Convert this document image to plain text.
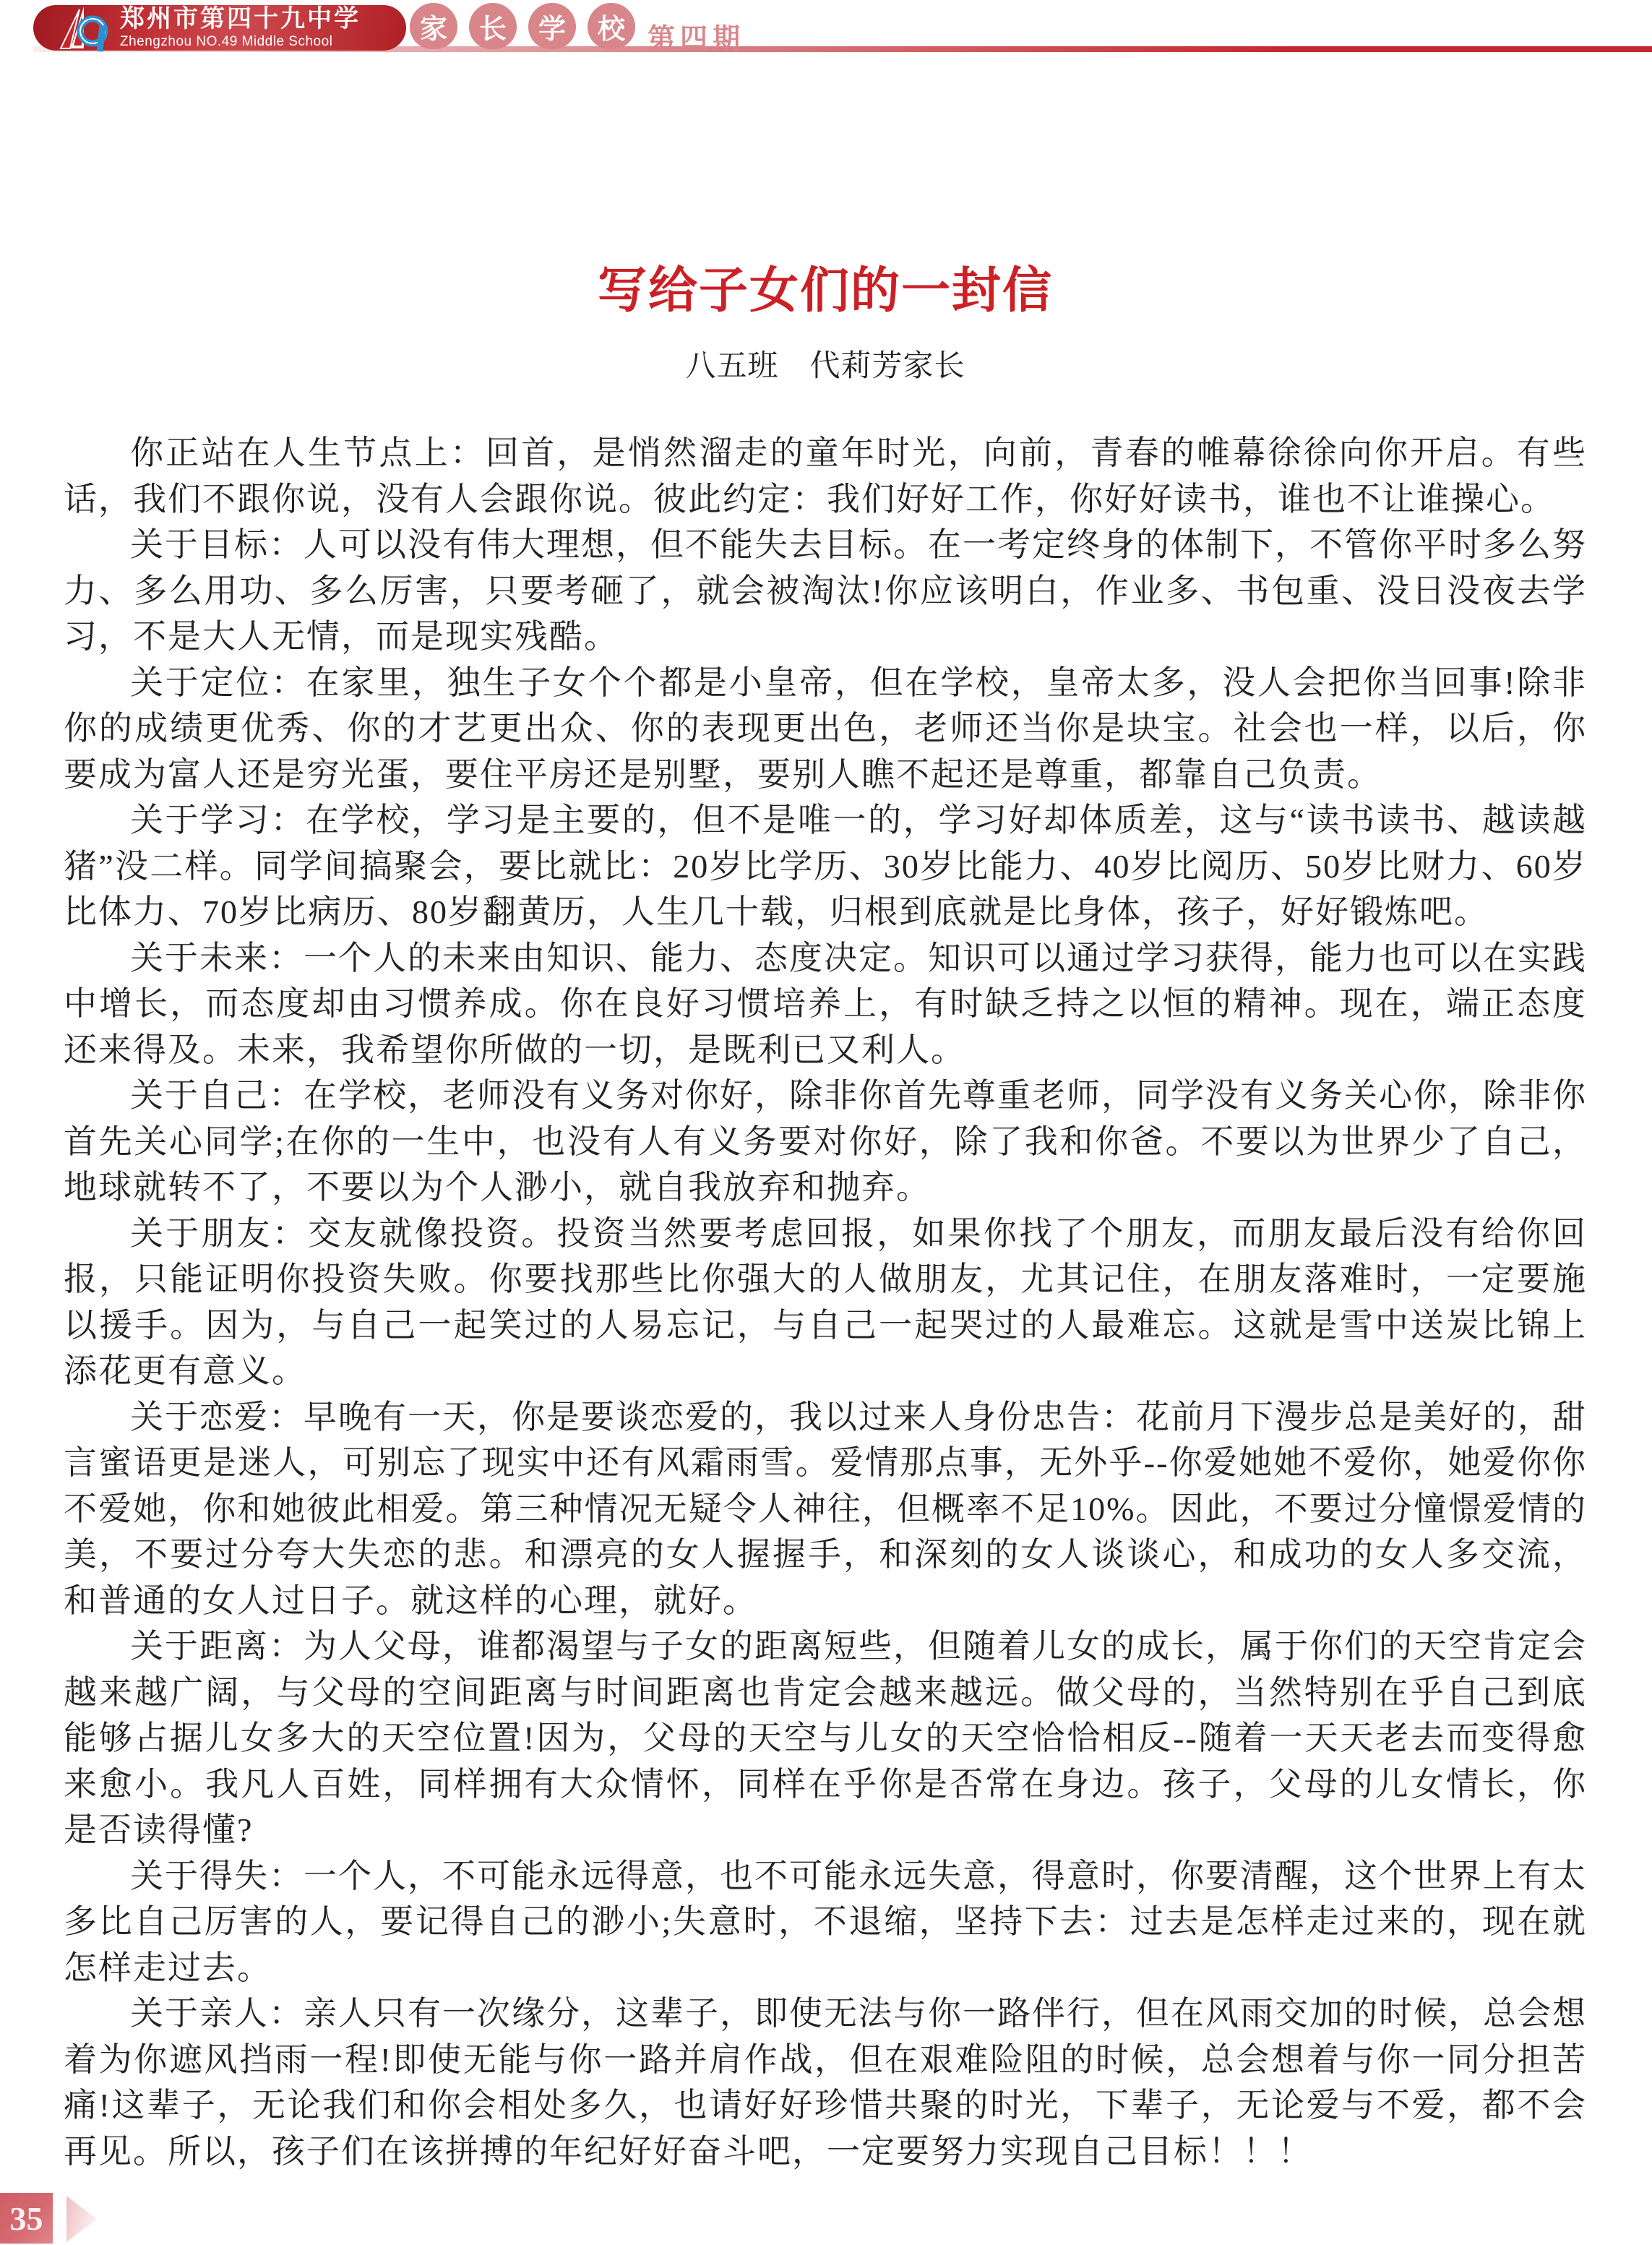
郑州市第四十九中学
Zhengzhou NO.49 Middle School	家	长	学	校 第四期
写给子女们的一封信
八五班　代莉芳家长

你正站在人生节点上：回首，是悄然溜走的童年时光，向前，青春的帷幕徐徐向你开启。有些话，我们不跟你说，没有人会跟你说。彼此约定：我们好好工作，你好好读书，谁也不让谁操心。

关于目标：人可以没有伟大理想，但不能失去目标。在一考定终身的体制下，不管你平时多么努力、多么用功、多么厉害，只要考砸了，就会被淘汰!你应该明白，作业多、书包重、没日没夜去学习，不是大人无情，而是现实残酷。

关于定位：在家里，独生子女个个都是小皇帝，但在学校，皇帝太多，没人会把你当回事!除非你的成绩更优秀、你的才艺更出众、你的表现更出色，老师还当你是块宝。社会也一样，以后，你要成为富人还是穷光蛋，要住平房还是别墅，要别人瞧不起还是尊重，都靠自己负责。

关于学习：在学校，学习是主要的，但不是唯一的，学习好却体质差，这与“读书读书、越读越猪”没二样。同学间搞聚会，要比就比：20岁比学历、30岁比能力、40岁比阅历、50岁比财力、60岁比体力、70岁比病历、80岁翻黄历，人生几十载，归根到底就是比身体，孩子，好好锻炼吧。

关于未来：一个人的未来由知识、能力、态度决定。知识可以通过学习获得，能力也可以在实践中增长，而态度却由习惯养成。你在良好习惯培养上，有时缺乏持之以恒的精神。现在，端正态度还来得及。未来，我希望你所做的一切，是既利已又利人。

关于自己：在学校，老师没有义务对你好，除非你首先尊重老师，同学没有义务关心你，除非你首先关心同学;在你的一生中，也没有人有义务要对你好，除了我和你爸。不要以为世界少了自己，地球就转不了，不要以为个人渺小，就自我放弃和抛弃。

关于朋友：交友就像投资。投资当然要考虑回报，如果你找了个朋友，而朋友最后没有给你回报，只能证明你投资失败。你要找那些比你强大的人做朋友，尤其记住，在朋友落难时，一定要施以援手。因为，与自己一起笑过的人易忘记，与自己一起哭过的人最难忘。这就是雪中送炭比锦上添花更有意义。

关于恋爱：早晚有一天，你是要谈恋爱的，我以过来人身份忠告：花前月下漫步总是美好的，甜言蜜语更是迷人，可别忘了现实中还有风霜雨雪。爱情那点事，无外乎--你爱她她不爱你，她爱你你不爱她，你和她彼此相爱。第三种情况无疑令人神往，但概率不足10%。因此，不要过分憧憬爱情的美，不要过分夸大失恋的悲。和漂亮的女人握握手，和深刻的女人谈谈心，和成功的女人多交流，和普通的女人过日子。就这样的心理，就好。

关于距离：为人父母，谁都渴望与子女的距离短些，但随着儿女的成长，属于你们的天空肯定会越来越广阔，与父母的空间距离与时间距离也肯定会越来越远。做父母的，当然特别在乎自己到底能够占据儿女多大的天空位置!因为，父母的天空与儿女的天空恰恰相反--随着一天天老去而变得愈来愈小。我凡人百姓，同样拥有大众情怀，同样在乎你是否常在身边。孩子，父母的儿女情长，你是否读得懂?

关于得失：一个人，不可能永远得意，也不可能永远失意，得意时，你要清醒，这个世界上有太多比自己厉害的人，要记得自己的渺小;失意时，不退缩，坚持下去：过去是怎样走过来的，现在就怎样走过去。

关于亲人：亲人只有一次缘分，这辈子，即使无法与你一路伴行，但在风雨交加的时候，总会想着为你遮风挡雨一程!即使无能与你一路并肩作战，但在艰难险阻的时候，总会想着与你一同分担苦痛!这辈子，无论我们和你会相处多久，也请好好珍惜共聚的时光，下辈子，无论爱与不爱，都不会再见。所以，孩子们在该拼搏的年纪好好奋斗吧，一定要努力实现自己目标！！！

35
